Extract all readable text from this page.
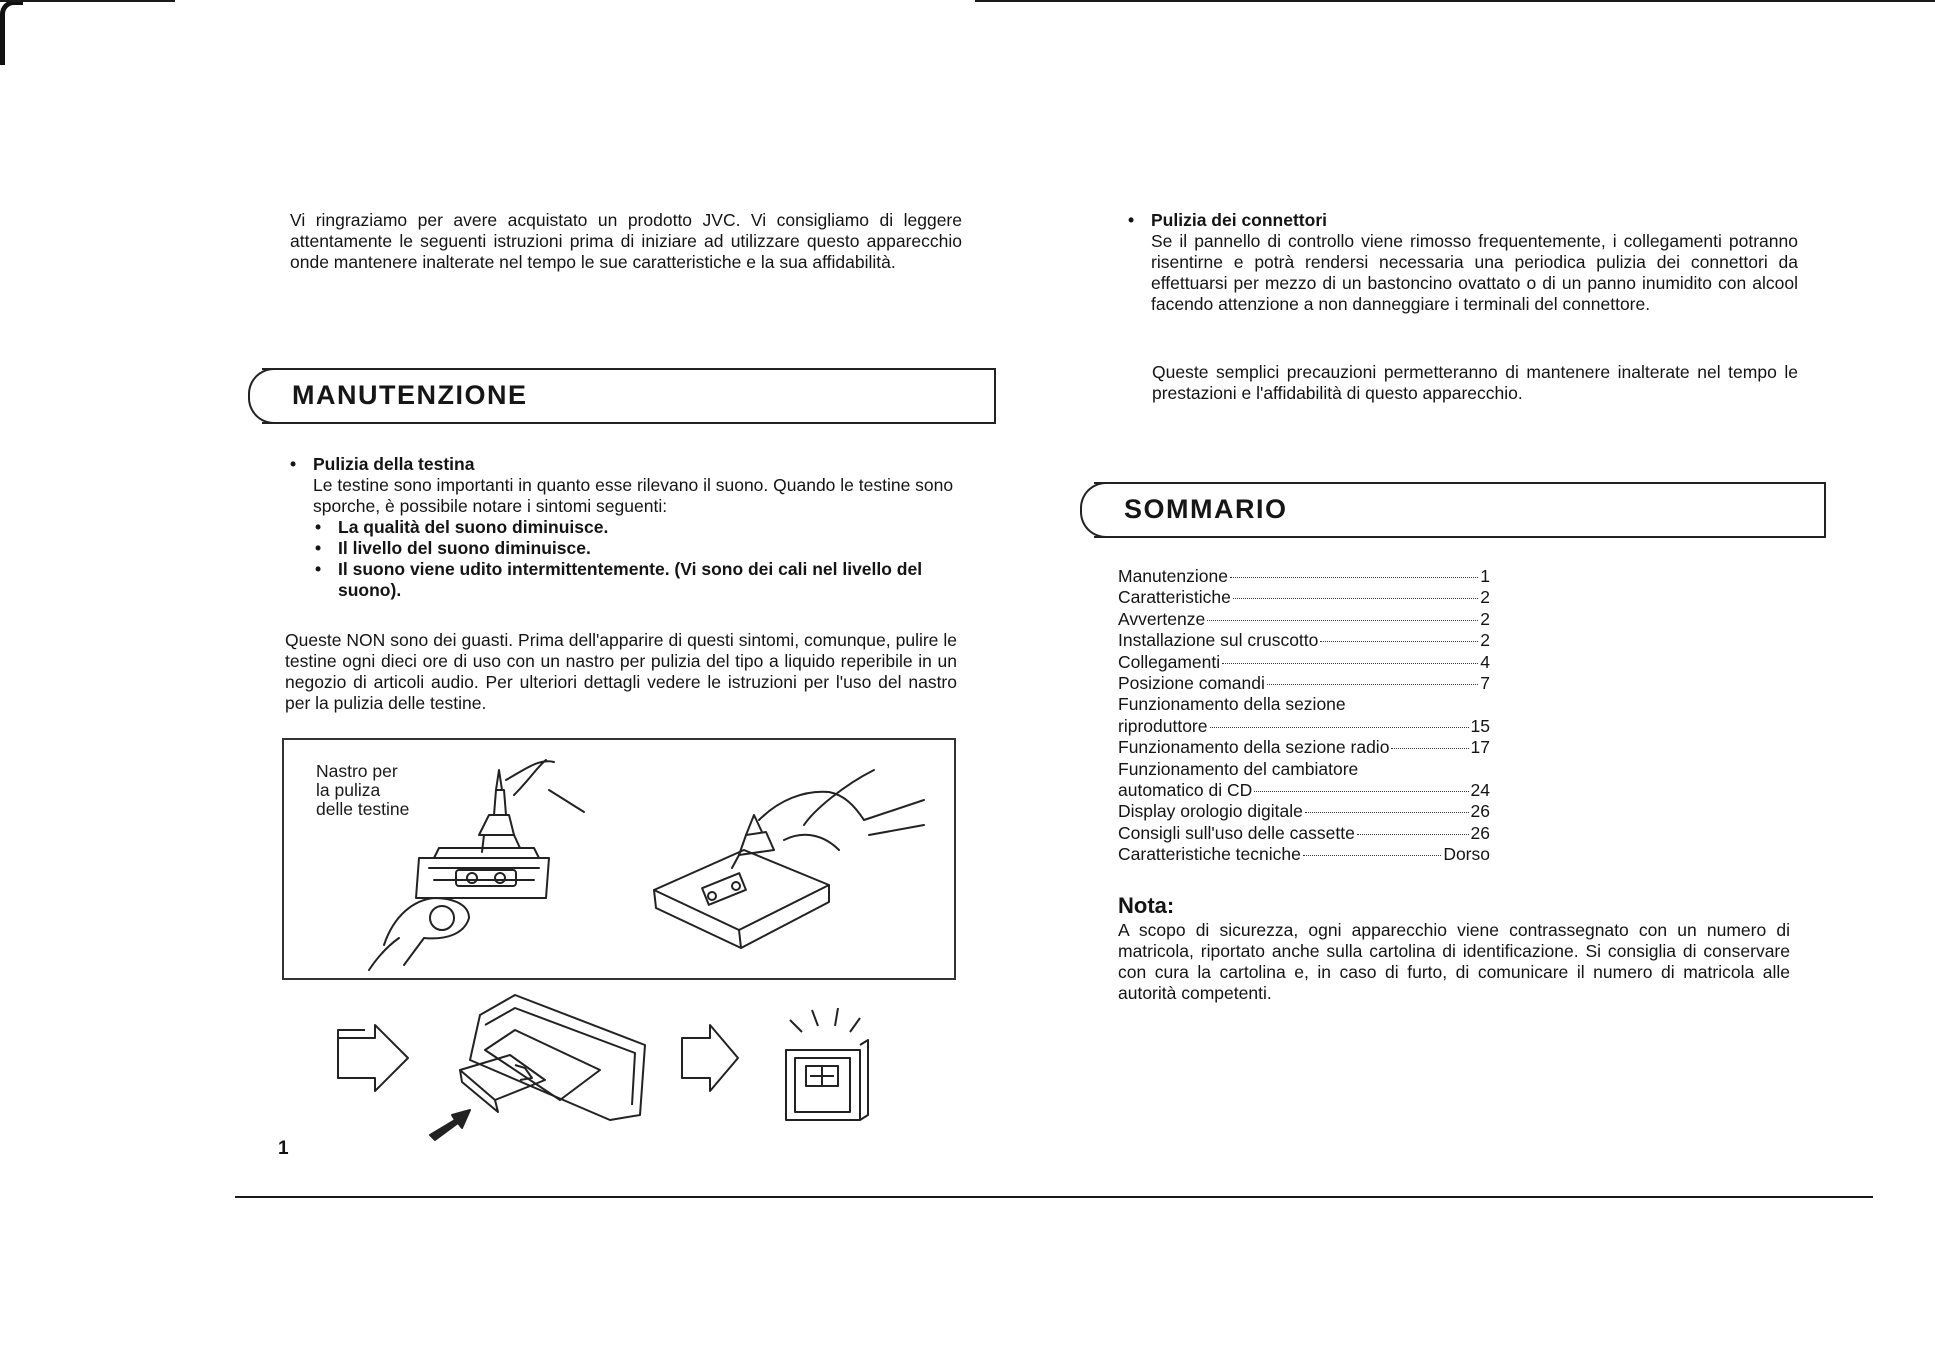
Vi ringraziamo per avere acquistato un prodotto JVC. Vi consigliamo di leggere attentamente le seguenti istruzioni prima di iniziare ad utilizzare questo apparecchio onde mantenere inalterate nel tempo le sue caratteristiche e la sua affidabilità.

MANUTENZIONE
• Pulizia della testina
Le testine sono importanti in quanto esse rilevano il suono. Quando le testine sono sporche, è possibile notare i sintomi seguenti:
• La qualità del suono diminuisce.
• Il livello del suono diminuisce.
• Il suono viene udito intermittentemente. (Vi sono dei cali nel livello del suono).

Queste NON sono dei guasti. Prima dell'apparire di questi sintomi, comunque, pulire le testine ogni dieci ore di uso con un nastro per pulizia del tipo a liquido reperibile in un negozio di articoli audio. Per ulteriori dettagli vedere le istruzioni per l'uso del nastro per la pulizia delle testine.

Nastro per
la puliza
delle testine
1
• Pulizia dei connettori

Se il pannello di controllo viene rimosso frequentemente, i collegamenti potranno risentirne e potrà rendersi necessaria una periodica pulizia dei connettori da effettuarsi per mezzo di un bastoncino ovattato o di un panno inumidito con alcool facendo attenzione a non danneggiare i terminali del connettore.

Queste semplici precauzioni permetteranno di mantenere inalterate nel tempo le prestazioni e l'affidabilità di questo apparecchio.

SOMMARIO
Manutenzione	1
Caratteristiche	2
Avvertenze	2
Installazione sul cruscotto	2
Collegamenti	4
Posizione comandi	7
Funzionamento della sezione
riproduttore	15
Funzionamento della sezione radio	17
Funzionamento del cambiatore
automatico di CD	24
Display orologio digitale	26
Consigli sull'uso delle cassette	26
Caratteristiche tecniche	Dorso
Nota:

A scopo di sicurezza, ogni apparecchio viene contrassegnato con un numero di matricola, riportato anche sulla cartolina di identificazione. Si consiglia di conservare con cura la cartolina e, in caso di furto, di comunicare il numero di matricola alle autorità competenti.
